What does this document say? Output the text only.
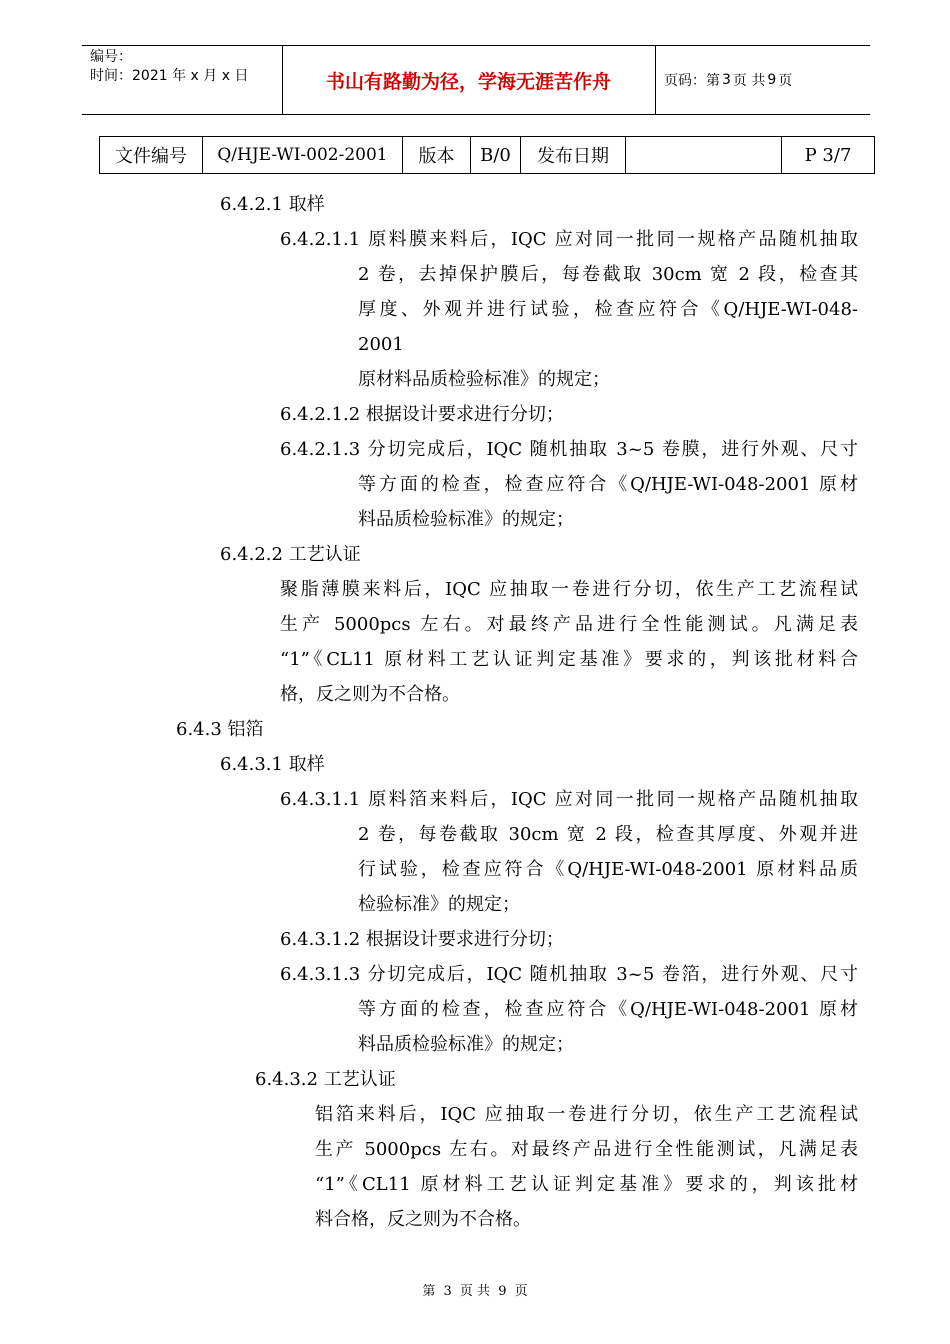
编号：
时间：2021 年 x 月 x 日	书山有路勤为径，学海无涯苦作舟	页码：第 3 页 共 9 页
文件编号	Q/HJE-WI-002-2001	版本	B/0	发布日期		P 3/7
6.4.2.1 取样
6.4.2.1.1 原料膜来料后，IQC 应对同一批同一规格产品随机抽取
2 卷，去掉保护膜后，每卷截取 30cm 宽 2 段，检查其
厚度、外观并进行试验，检查应符合《Q/HJE-WI-048-
2001
原材料品质检验标准》的规定；
6.4.2.1.2 根据设计要求进行分切；
6.4.2.1.3 分切完成后，IQC 随机抽取 3~5 卷膜，进行外观、尺寸
等方面的检查，检查应符合《Q/HJE-WI-048-2001 原材
料品质检验标准》的规定；
6.4.2.2 工艺认证
聚脂薄膜来料后，IQC 应抽取一卷进行分切，依生产工艺流程试
生产 5000pcs 左右。对最终产品进行全性能测试。凡满足表
“1”《CL11 原材料工艺认证判定基准》要求的，判该批材料合
格，反之则为不合格。
6.4.3 铝箔
6.4.3.1 取样
6.4.3.1.1 原料箔来料后，IQC 应对同一批同一规格产品随机抽取
2 卷，每卷截取 30cm 宽 2 段，检查其厚度、外观并进
行试验，检查应符合《Q/HJE-WI-048-2001 原材料品质
检验标准》的规定；
6.4.3.1.2 根据设计要求进行分切；
6.4.3.1.3 分切完成后，IQC 随机抽取 3~5 卷箔，进行外观、尺寸
等方面的检查，检查应符合《Q/HJE-WI-048-2001 原材
料品质检验标准》的规定；
6.4.3.2 工艺认证
铝箔来料后，IQC 应抽取一卷进行分切，依生产工艺流程试
生产 5000pcs 左右。对最终产品进行全性能测试，凡满足表
“1”《CL11 原材料工艺认证判定基准》要求的，判该批材
料合格，反之则为不合格。
第 3 页 共 9 页
